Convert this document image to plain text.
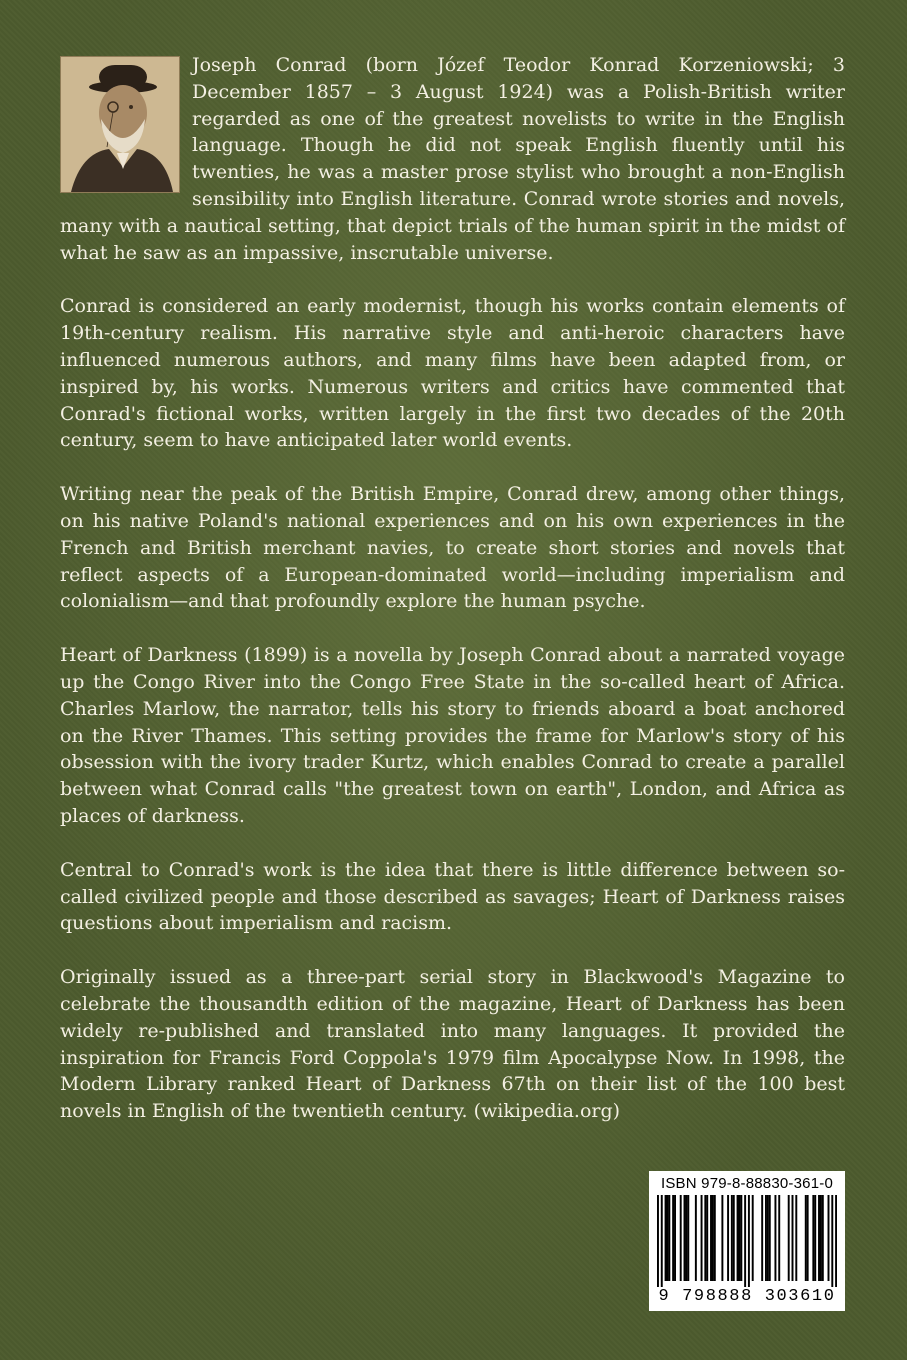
Joseph Conrad (born Józef Teodor Konrad Korzeniowski; 3 December 1857 – 3 August 1924) was a Polish-British writer regarded as one of the greatest novelists to write in the English language. Though he did not speak English fluently until his twenties, he was a master prose stylist who brought a non-English sensibility into English literature. Conrad wrote stories and novels, many with a nautical setting, that depict trials of the human spirit in the midst of what he saw as an impassive, inscrutable universe.

Conrad is considered an early modernist, though his works contain elements of 19th-century realism. His narrative style and anti-heroic characters have influenced numerous authors, and many films have been adapted from, or inspired by, his works. Numerous writers and critics have commented that Conrad's fictional works, written largely in the first two decades of the 20th century, seem to have anticipated later world events.

Writing near the peak of the British Empire, Conrad drew, among other things, on his native Poland's national experiences and on his own experiences in the French and British merchant navies, to create short stories and novels that reflect aspects of a European-dominated world—including imperialism and colonialism—and that profoundly explore the human psyche.

Heart of Darkness (1899) is a novella by Joseph Conrad about a narrated voyage up the Congo River into the Congo Free State in the so-called heart of Africa. Charles Marlow, the narrator, tells his story to friends aboard a boat anchored on the River Thames. This setting provides the frame for Marlow's story of his obsession with the ivory trader Kurtz, which enables Conrad to create a parallel between what Conrad calls "the greatest town on earth", London, and Africa as places of darkness.

Central to Conrad's work is the idea that there is little difference between so-called civilized people and those described as savages; Heart of Darkness raises questions about imperialism and racism.

Originally issued as a three-part serial story in Blackwood's Magazine to celebrate the thousandth edition of the magazine, Heart of Darkness has been widely re-published and translated into many languages. It provided the inspiration for Francis Ford Coppola's 1979 film Apocalypse Now. In 1998, the Modern Library ranked Heart of Darkness 67th on their list of the 100 best novels in English of the twentieth century. (wikipedia.org)

ISBN 979-8-88830-361-0
9 798888 303610
